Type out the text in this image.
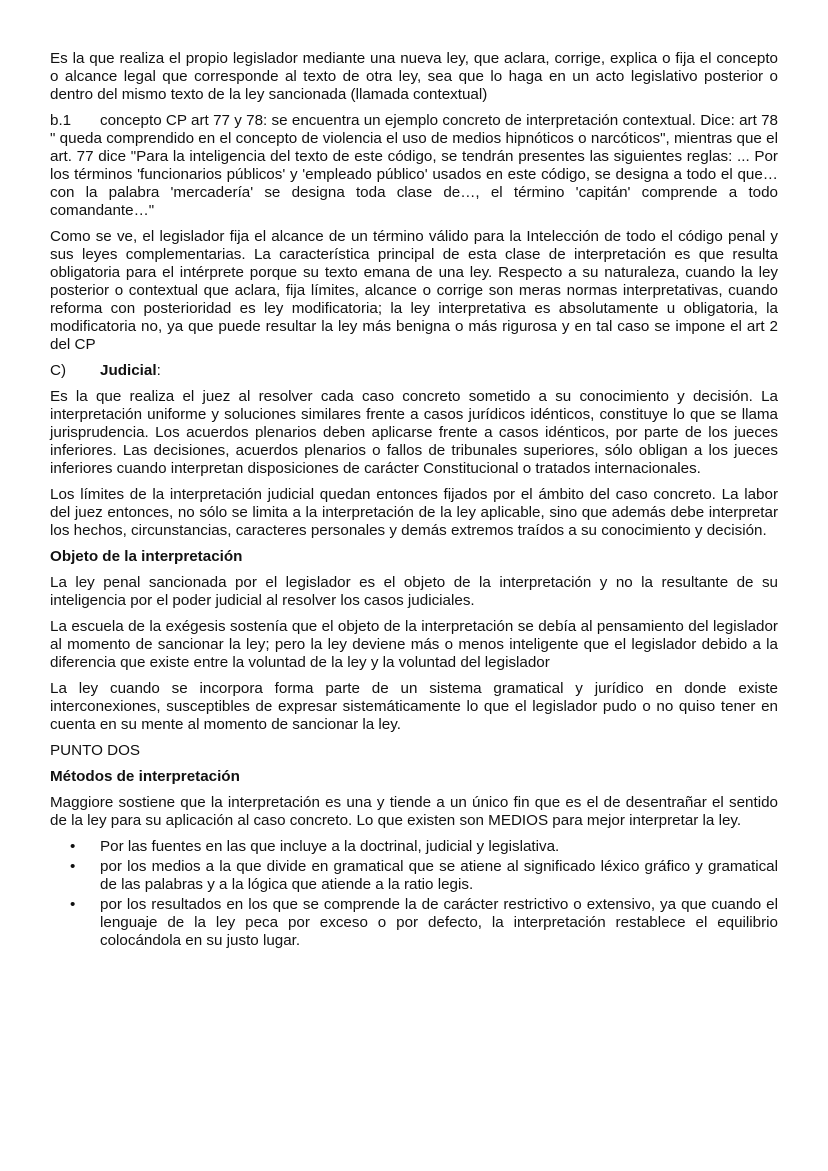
Es la que realiza el propio legislador mediante una nueva ley, que aclara, corrige, explica o fija el concepto o alcance legal que corresponde al texto de otra ley, sea que lo haga en un acto legislativo posterior o dentro del mismo texto de la ley sancionada (llamada contextual)

b.1 concepto CP art 77 y 78: se encuentra un ejemplo concreto de interpretación contextual. Dice: art 78 " queda comprendido en el concepto de violencia el uso de medios hipnóticos o narcóticos", mientras que el art. 77 dice "Para la inteligencia del texto de este código, se tendrán presentes las siguientes reglas: ... Por los términos 'funcionarios públicos' y 'empleado público' usados en este código, se designa a todo el que… con la palabra 'mercadería' se designa toda clase de…, el término 'capitán' comprende a todo comandante…"

Como se ve, el legislador fija el alcance de un término válido para la Intelección de todo el código penal y sus leyes complementarias. La característica principal de esta clase de interpretación es que resulta obligatoria para el intérprete porque su texto emana de una ley. Respecto a su naturaleza, cuando la ley posterior o contextual que aclara, fija límites, alcance o corrige son meras normas interpretativas, cuando reforma con posterioridad es ley modificatoria; la ley interpretativa es absolutamente u obligatoria, la modificatoria no, ya que puede resultar la ley más benigna o más rigurosa y en tal caso se impone el art 2 del CP

C) Judicial:

Es la que realiza el juez al resolver cada caso concreto sometido a su conocimiento y decisión. La interpretación uniforme y soluciones similares frente a casos jurídicos idénticos, constituye lo que se llama jurisprudencia. Los acuerdos plenarios deben aplicarse frente a casos idénticos, por parte de los jueces inferiores. Las decisiones, acuerdos plenarios o fallos de tribunales superiores, sólo obligan a los jueces inferiores cuando interpretan disposiciones de carácter Constitucional o tratados internacionales.

Los límites de la interpretación judicial quedan entonces fijados por el ámbito del caso concreto. La labor del juez entonces, no sólo se limita a la interpretación de la ley aplicable, sino que además debe interpretar los hechos, circunstancias, caracteres personales y demás extremos traídos a su conocimiento y decisión.

Objeto de la interpretación

La ley penal sancionada por el legislador es el objeto de la interpretación y no la resultante de su inteligencia por el poder judicial al resolver los casos judiciales.

La escuela de la exégesis sostenía que el objeto de la interpretación se debía al pensamiento del legislador al momento de sancionar la ley; pero la ley deviene más o menos inteligente que el legislador debido a la diferencia que existe entre la voluntad de la ley y la voluntad del legislador

La ley cuando se incorpora forma parte de un sistema gramatical y jurídico en donde existe interconexiones, susceptibles de expresar sistemáticamente lo que el legislador pudo o no quiso tener en cuenta en su mente al momento de sancionar la ley.

PUNTO DOS

Métodos de interpretación

Maggiore sostiene que la interpretación es una y tiende a un único fin que es el de desentrañar el sentido de la ley para su aplicación al caso concreto. Lo que existen son MEDIOS para mejor interpretar la ley.

• Por las fuentes en las que incluye a la doctrinal, judicial y legislativa.
• por los medios a la que divide en gramatical que se atiene al significado léxico gráfico y gramatical de las palabras y a la lógica que atiende a la ratio legis.
• por los resultados en los que se comprende la de carácter restrictivo o extensivo, ya que cuando el lenguaje de la ley peca por exceso o por defecto, la interpretación restablece el equilibrio colocándola en su justo lugar.
